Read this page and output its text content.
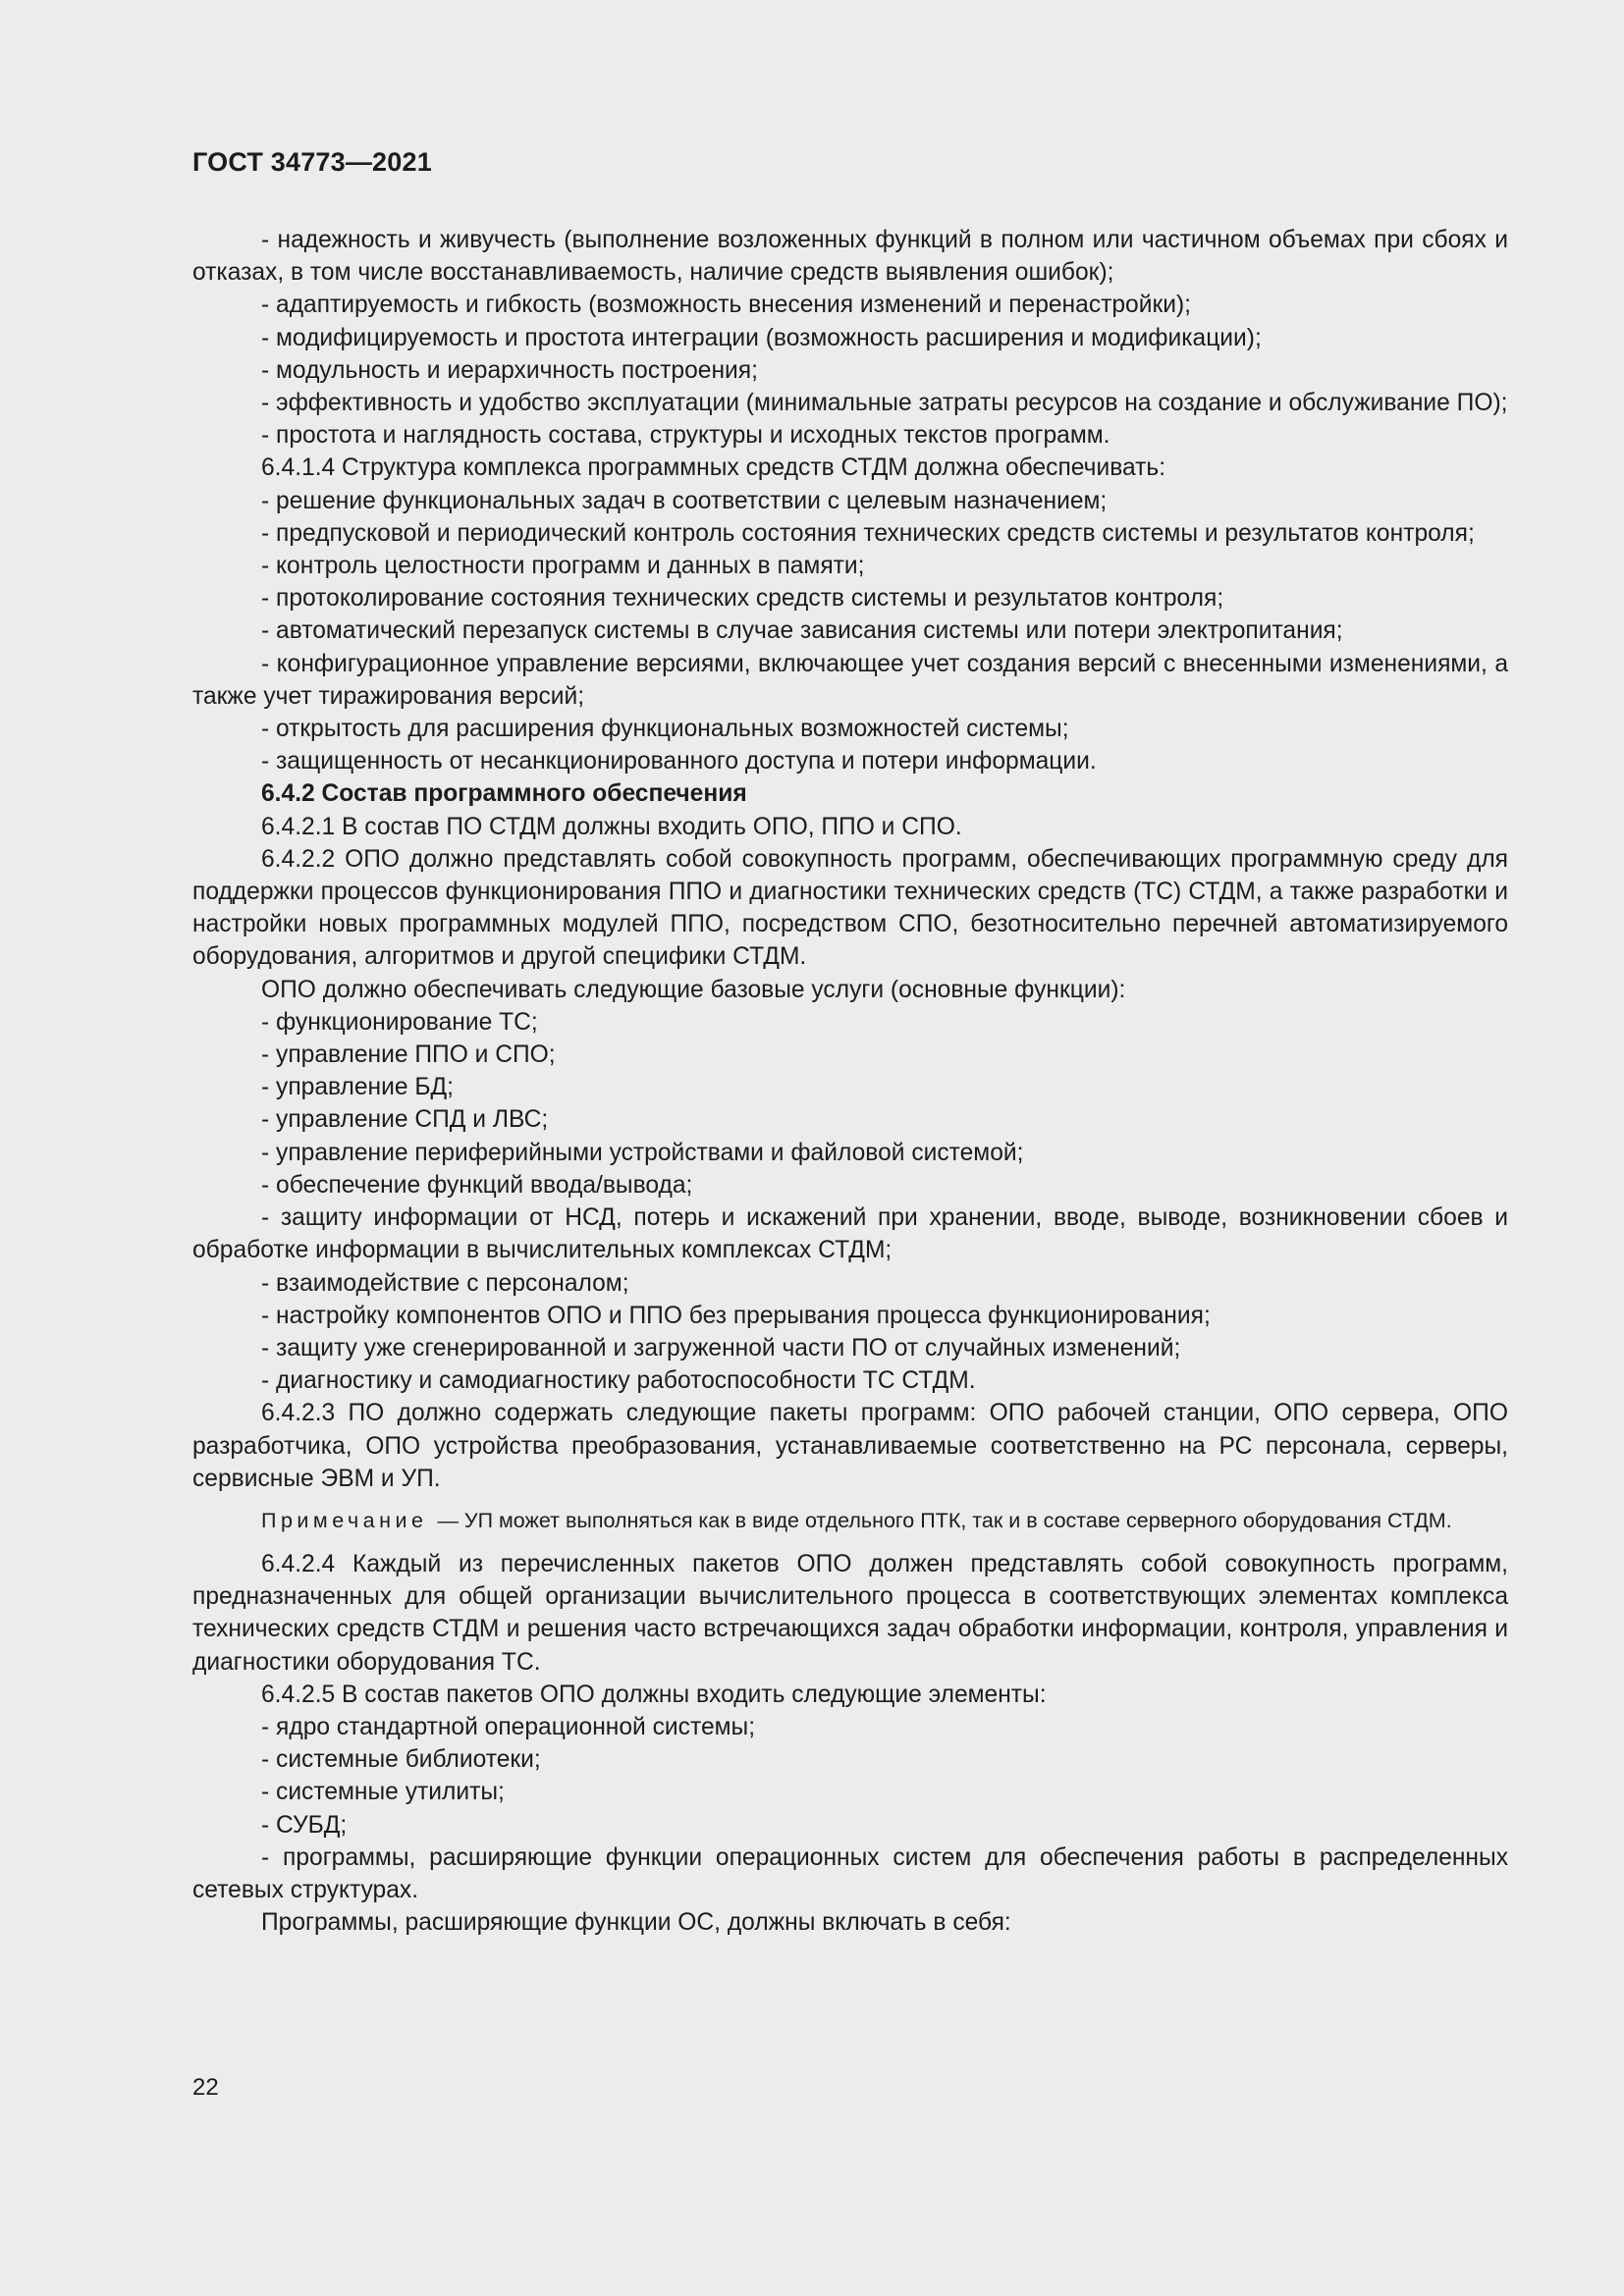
ГОСТ 34773—2021

- надежность и живучесть (выполнение возложенных функций в полном или частичном объемах при сбоях и отказах, в том числе восстанавливаемость, наличие средств выявления ошибок);

- адаптируемость и гибкость (возможность внесения изменений и перенастройки);

- модифицируемость и простота интеграции (возможность расширения и модификации);

- модульность и иерархичность построения;

- эффективность и удобство эксплуатации (минимальные затраты ресурсов на создание и обслуживание ПО);

- простота и наглядность состава, структуры и исходных текстов программ.

6.4.1.4 Структура комплекса программных средств СТДМ должна обеспечивать:

- решение функциональных задач в соответствии с целевым назначением;

- предпусковой и периодический контроль состояния технических средств системы и результатов контроля;

- контроль целостности программ и данных в памяти;

- протоколирование состояния технических средств системы и результатов контроля;

- автоматический перезапуск системы в случае зависания системы или потери электропитания;

- конфигурационное управление версиями, включающее учет создания версий с внесенными изменениями, а также учет тиражирования версий;

- открытость для расширения функциональных возможностей системы;

- защищенность от несанкционированного доступа и потери информации.

6.4.2 Состав программного обеспечения

6.4.2.1 В состав ПО СТДМ должны входить ОПО, ППО и СПО.

6.4.2.2 ОПО должно представлять собой совокупность программ, обеспечивающих программную среду для поддержки процессов функционирования ППО и диагностики технических средств (ТС) СТДМ, а также разработки и настройки новых программных модулей ППО, посредством СПО, безотносительно перечней автоматизируемого оборудования, алгоритмов и другой специфики СТДМ.

ОПО должно обеспечивать следующие базовые услуги (основные функции):

- функционирование ТС;

- управление ППО и СПО;

- управление БД;

- управление СПД и ЛВС;

- управление периферийными устройствами и файловой системой;

- обеспечение функций ввода/вывода;

- защиту информации от НСД, потерь и искажений при хранении, вводе, выводе, возникновении сбоев и обработке информации в вычислительных комплексах СТДМ;

- взаимодействие с персоналом;

- настройку компонентов ОПО и ППО без прерывания процесса функционирования;

- защиту уже сгенерированной и загруженной части ПО от случайных изменений;

- диагностику и самодиагностику работоспособности ТС СТДМ.

6.4.2.3 ПО должно содержать следующие пакеты программ: ОПО рабочей станции, ОПО сервера, ОПО разработчика, ОПО устройства преобразования, устанавливаемые соответственно на РС персонала, серверы, сервисные ЭВМ и УП.

Примечание — УП может выполняться как в виде отдельного ПТК, так и в составе серверного оборудования СТДМ.

6.4.2.4 Каждый из перечисленных пакетов ОПО должен представлять собой совокупность программ, предназначенных для общей организации вычислительного процесса в соответствующих элементах комплекса технических средств СТДМ и решения часто встречающихся задач обработки информации, контроля, управления и диагностики оборудования ТС.

6.4.2.5 В состав пакетов ОПО должны входить следующие элементы:

- ядро стандартной операционной системы;

- системные библиотеки;

- системные утилиты;

- СУБД;

- программы, расширяющие функции операционных систем для обеспечения работы в распределенных сетевых структурах.

Программы, расширяющие функции ОС, должны включать в себя:

22
